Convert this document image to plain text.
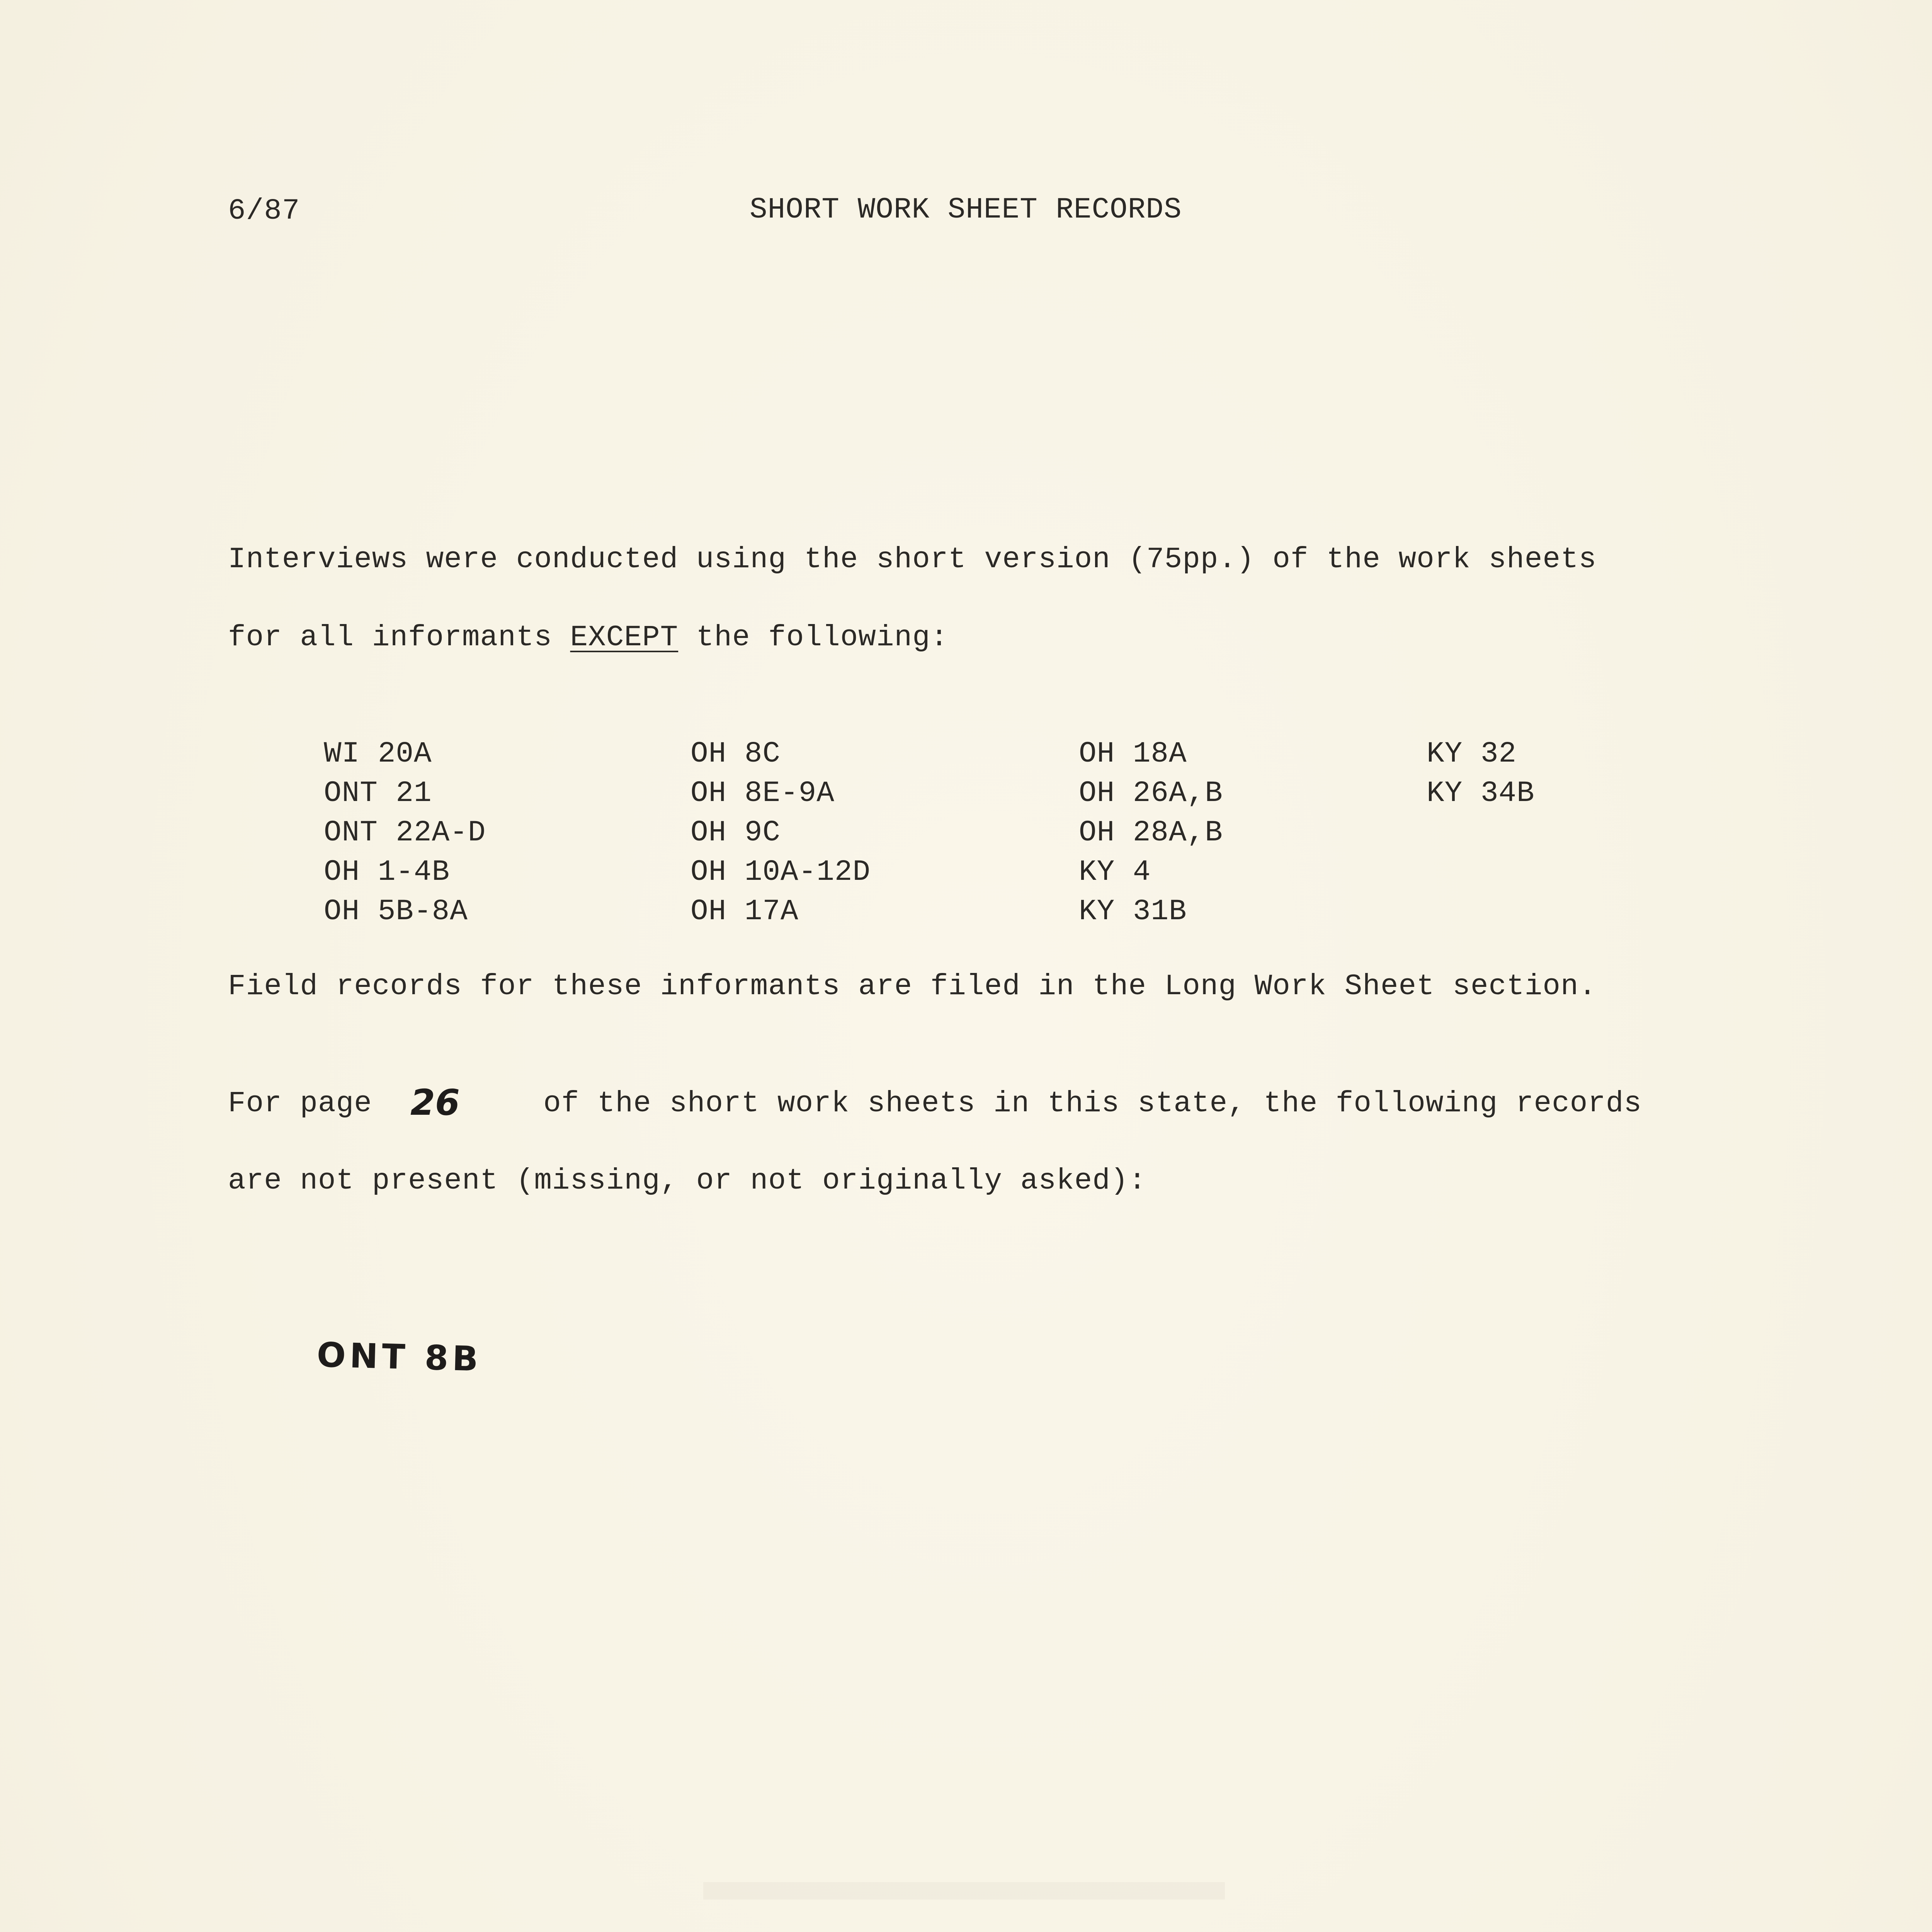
6/87	SHORT WORK SHEET RECORDS
Interviews were conducted using the short version (75pp.) of the work sheets
for all informants EXCEPT the following:
WI 20A
ONT 21
ONT 22A-D
OH 1-4B
OH 5B-8A
OH 8C
OH 8E-9A
OH 9C
OH 10A-12D
OH 17A
OH 18A
OH 26A,B
OH 28A,B
KY 4
KY 31B
KY 32
KY 34B
Field records for these informants are filed in the Long Work Sheet section.
For page	of the short work sheets in this state, the following records
26
are not present (missing, or not originally asked):
ONT 8B
▬▬▬▬▬▬▬▬▬
